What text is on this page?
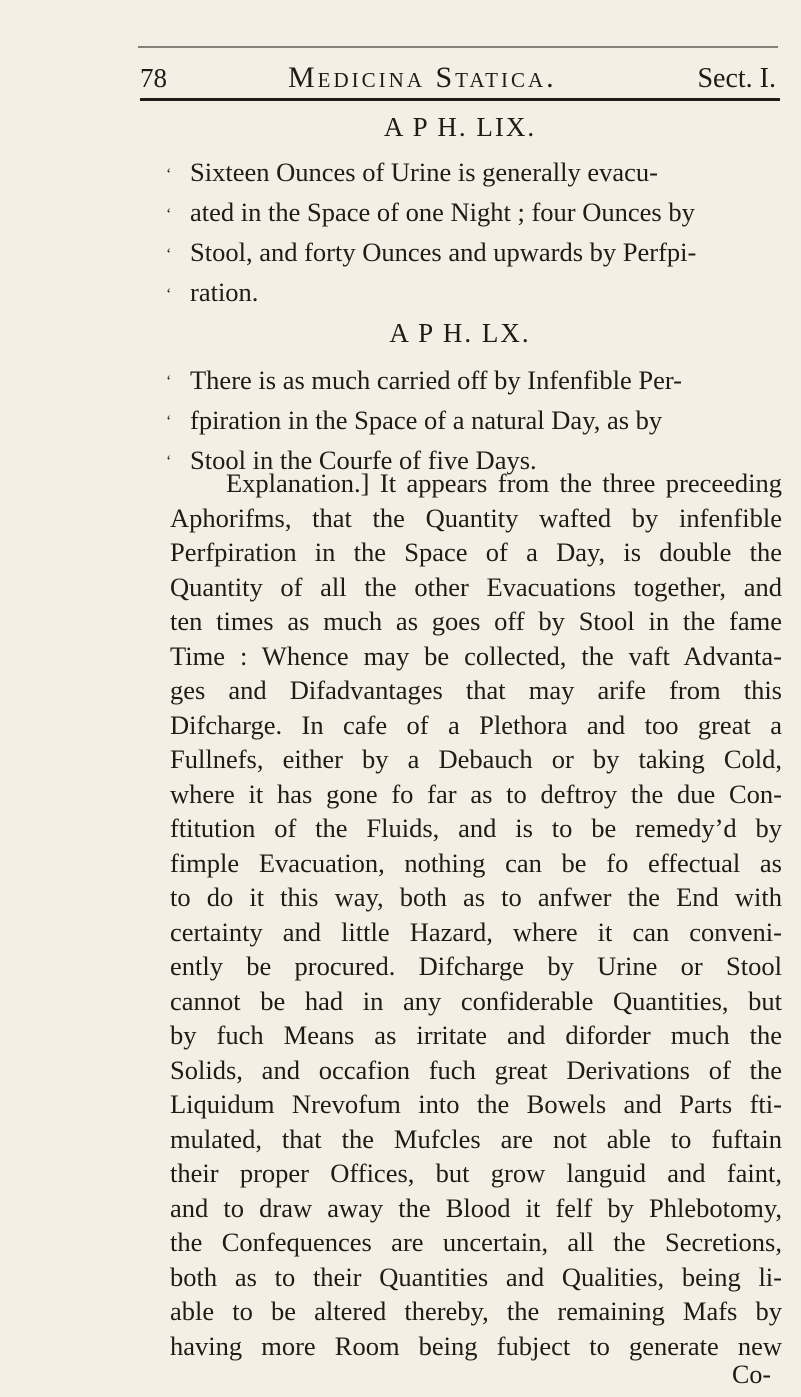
78	Medicina Statica.	Sect. I.
A P H. LIX.
‘
‘
‘
‘
Sixteen Ounces of Urine is generally evacu-
ated in the Space of one Night ; four Ounces by
Stool, and forty Ounces and upwards by Perfpi-
ration.
A P H. LX.
‘
‘
‘
There is as much carried off by Infenfible Per-
fpiration in the Space of a natural Day, as by
Stool in the Courfe of five Days.
Explanation.] It appears from the three preceeding
Aphorifms, that the Quantity wafted by infenfible
Perfpiration in the Space of a Day, is double the
Quantity of all the other Evacuations together, and
ten times as much as goes off by Stool in the fame
Time : Whence may be collected, the vaft Advanta-
ges and Difadvantages that may arife from this
Difcharge. In cafe of a Plethora and too great a
Fullnefs, either by a Debauch or by taking Cold,
where it has gone fo far as to deftroy the due Con-
ftitution of the Fluids, and is to be remedy’d by
fimple Evacuation, nothing can be fo effectual as
to do it this way, both as to anfwer the End with
certainty and little Hazard, where it can conveni-
ently be procured. Difcharge by Urine or Stool
cannot be had in any confiderable Quantities, but
by fuch Means as irritate and diforder much the
Solids, and occafion fuch great Derivations of the
Liquidum Nrevofum into the Bowels and Parts fti-
mulated, that the Mufcles are not able to fuftain
their proper Offices, but grow languid and faint,
and to draw away the Blood it felf by Phlebotomy,
the Confequences are uncertain, all the Secretions,
both as to their Quantities and Qualities, being li-
able to be altered thereby, the remaining Mafs by
having more Room being fubject to generate new
Co-
